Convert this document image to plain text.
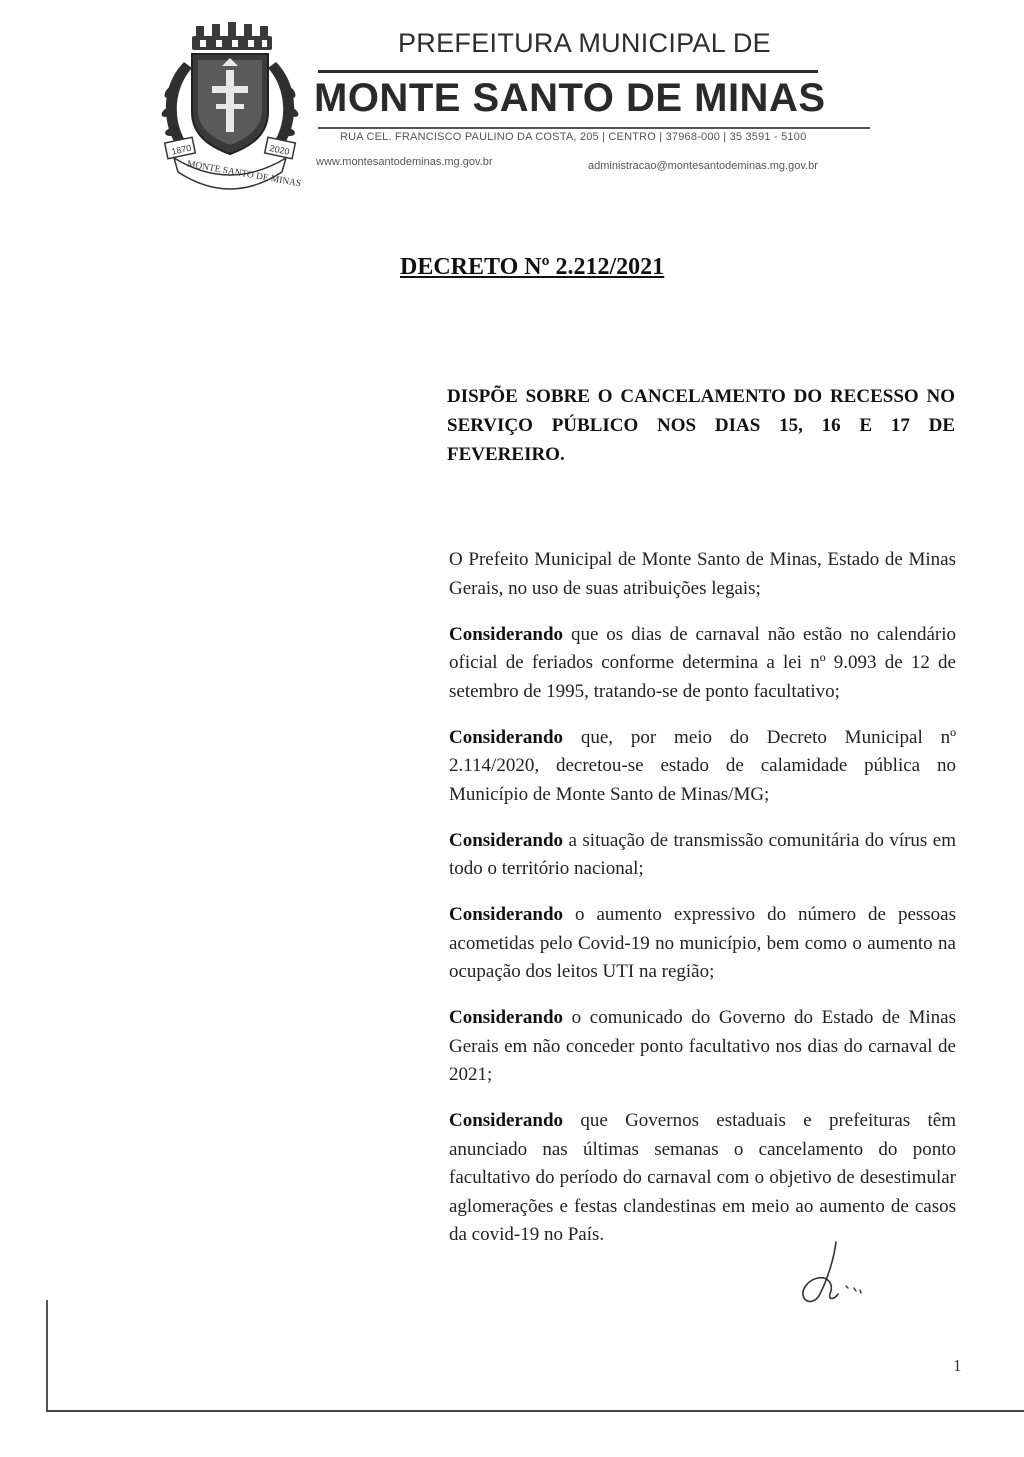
1870	2020
MONTE SANTO DE MINAS
PREFEITURA MUNICIPAL DE
MONTE SANTO DE MINAS
RUA CEL. FRANCISCO PAULINO DA COSTA, 205 | CENTRO | 37968-000 | 35 3591 - 5100
www.montesantodeminas.mg.gov.br	administracao@montesantodeminas.mg.gov.br
DECRETO Nº 2.212/2021
DISPÕE SOBRE O CANCELAMENTO DO RECESSO NO SERVIÇO PÚBLICO NOS DIAS 15, 16 E 17 DE FEVEREIRO.

O Prefeito Municipal de Monte Santo de Minas, Estado de Minas Gerais, no uso de suas atribuições legais;

Considerando que os dias de carnaval não estão no calendário oficial de feriados conforme determina a lei nº 9.093 de 12 de setembro de 1995, tratando-se de ponto facultativo;

Considerando que, por meio do Decreto Municipal nº 2.114/2020, decretou-se estado de calamidade pública no Município de Monte Santo de Minas/MG;

Considerando a situação de transmissão comunitária do vírus em todo o território nacional;

Considerando o aumento expressivo do número de pessoas acometidas pelo Covid-19 no município, bem como o aumento na ocupação dos leitos UTI na região;

Considerando o comunicado do Governo do Estado de Minas Gerais em não conceder ponto facultativo nos dias do carnaval de 2021;

Considerando que Governos estaduais e prefeituras têm anunciado nas últimas semanas o cancelamento do ponto facultativo do período do carnaval com o objetivo de desestimular aglomerações e festas clandestinas em meio ao aumento de casos da covid-19 no País.

1
